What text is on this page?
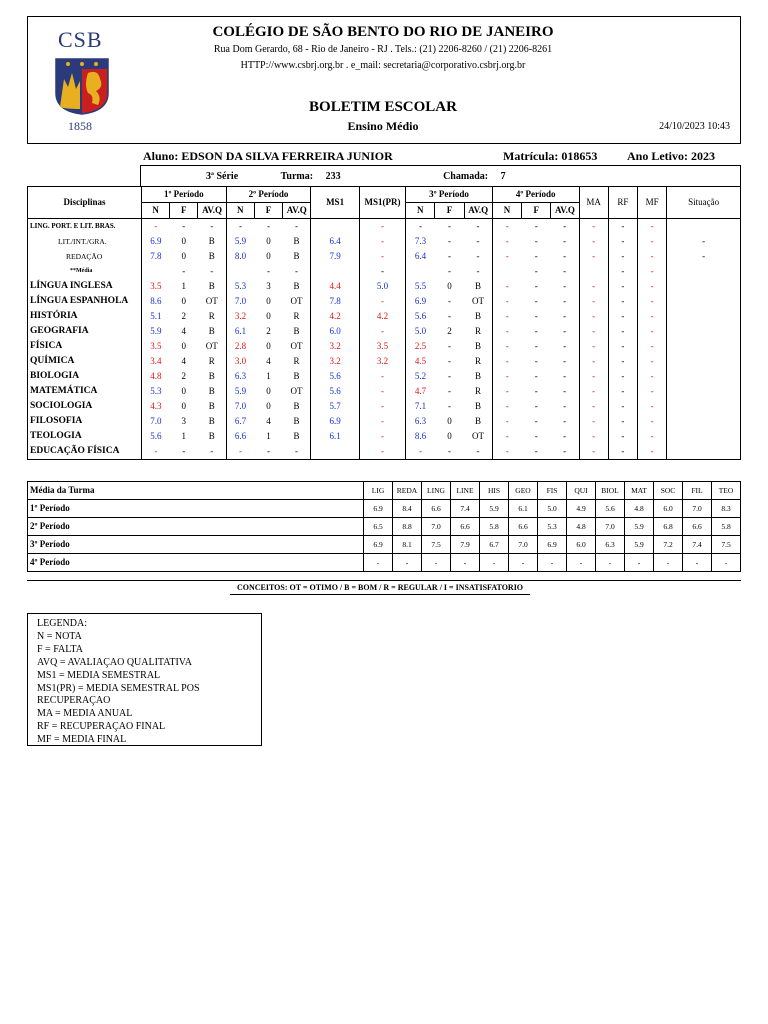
CSB
1858
COLÉGIO DE SÃO BENTO DO RIO DE JANEIRO
Rua Dom Gerardo, 68 - Rio de Janeiro - RJ . Tels.: (21) 2206-8260 / (21) 2206-8261
HTTP://www.csbrj.org.br . e_mail: secretaria@corporativo.csbrj.org.br
BOLETIM ESCOLAR
Ensino Médio	24/10/2023 10:43
Aluno: EDSON DA SILVA FERREIRA JUNIOR	Matrícula: 018653 Ano Letivo: 2023
3ª Série	Turma: 233	Chamada: 7
Disciplinas	1º Período			2º Período			MS1	MS1(PR)	3º Período			4º Período			MA	RF	MF	Situação
	N	F	AV.Q	N	F	AV.Q			N	F	AV.Q	N	F	AV.Q				
LING. PORT. E LIT. BRAS.	-	-	-	-	-	-		-	-	-	-	-	-	-	-	-	-	
LIT./INT./GRA.	6.9	0	B	5.9	0	B	6.4	-	7.3	-	-	-	-	-	-	-	-	-
REDAÇÃO	7.8	0	B	8.0	0	B	7.9	-	6.4	-	-	-	-	-	-	-	-	-
**Média		-	-		-	-		-		-	-		-	-		-	-	
LÍNGUA INGLESA	3.5	1	B	5.3	3	B	4.4	5.0	5.5	0	B	-	-	-	-	-	-	
LÍNGUA ESPANHOLA	8.6	0	OT	7.0	0	OT	7.8	-	6.9	-	OT	-	-	-	-	-	-	
HISTÓRIA	5.1	2	R	3.2	0	R	4.2	4.2	5.6	-	B	-	-	-	-	-	-	
GEOGRAFIA	5.9	4	B	6.1	2	B	6.0	-	5.0	2	R	-	-	-	-	-	-	
FÍSICA	3.5	0	OT	2.8	0	OT	3.2	3.5	2.5	-	B	-	-	-	-	-	-	
QUÍMICA	3.4	4	R	3.0	4	R	3.2	3.2	4.5	-	R	-	-	-	-	-	-	
BIOLOGIA	4.8	2	B	6.3	1	B	5.6	-	5.2	-	B	-	-	-	-	-	-	
MATEMÁTICA	5.3	0	B	5.9	0	OT	5.6	-	4.7	-	R	-	-	-	-	-	-	
SOCIOLOGIA	4.3	0	B	7.0	0	B	5.7	-	7.1	-	B	-	-	-	-	-	-	
FILOSOFIA	7.0	3	B	6.7	4	B	6.9	-	6.3	0	B	-	-	-	-	-	-	
TEOLOGIA	5.6	1	B	6.6	1	B	6.1	-	8.6	0	OT	-	-	-	-	-	-	
EDUCAÇÃO FÍSICA	-	-	-	-	-	-		-	-	-	-	-	-	-	-	-	-	
Média da Turma	LIG	REDA	LING	LINE	HIS	GEO	FIS	QUI	BIOL	MAT	SOC	FIL	TEO
1º Período	6.9	8.4	6.6	7.4	5.9	6.1	5.0	4.9	5.6	4.8	6.0	7.0	8.3
2º Período	6.5	8.8	7.0	6.6	5.8	6.6	5.3	4.8	7.0	5.9	6.8	6.6	5.8
3º Período	6.9	8.1	7.5	7.9	6.7	7.0	6.9	6.0	6.3	5.9	7.2	7.4	7.5
4º Período	-	-	-	-	-	-	-	-	-	-	-	-	-
CONCEITOS: OT = OTIMO / B = BOM / R = REGULAR / I = INSATISFATORIO
LEGENDA:
N = NOTA
F = FALTA
AVQ = AVALIAÇAO QUALITATIVA
MS1 = MEDIA SEMESTRAL
MS1(PR) = MEDIA SEMESTRAL POS RECUPERAÇAO
MA = MEDIA ANUAL
RF = RECUPERAÇAO FINAL
MF = MEDIA FINAL
